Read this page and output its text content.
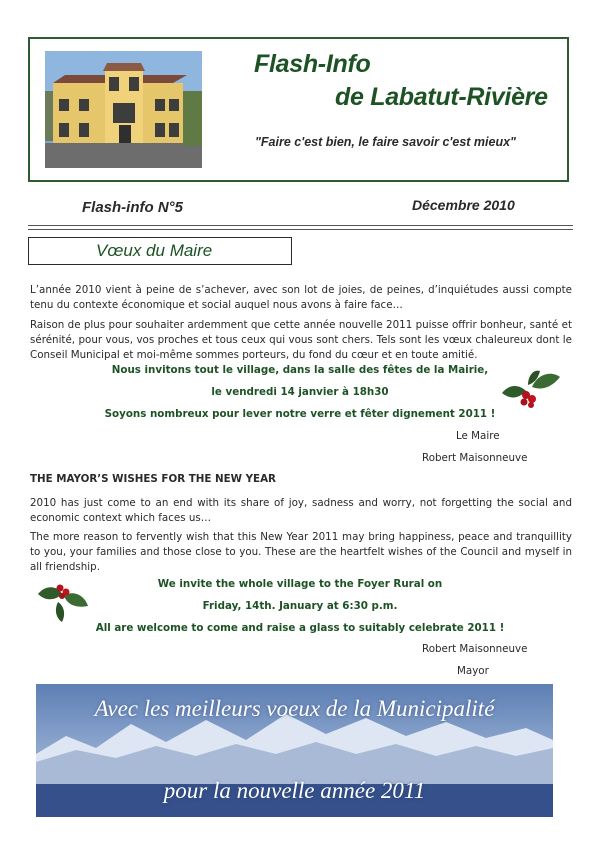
Flash-Info
de Labatut-Rivière
"Faire c'est bien, le faire savoir c'est mieux"
Flash-info N°5	Décembre 2010
Vœux du Maire

L’année 2010 vient à peine de s’achever, avec son lot de joies, de peines, d’inquiétudes aussi compte tenu du contexte économique et social auquel nous avons à faire face…

Raison de plus pour souhaiter ardemment que cette année nouvelle 2011 puisse offrir bonheur, santé et sérénité, pour vous, vos proches et tous ceux qui vous sont chers. Tels sont les vœux chaleureux dont le Conseil Municipal et moi-même sommes porteurs, du fond du cœur et en toute amitié.

Nous invitons tout le village, dans la salle des fêtes de la Mairie,
le vendredi 14 janvier à 18h30
Soyons nombreux pour lever notre verre et fêter dignement 2011 !
Le Maire
Robert Maisonneuve
THE MAYOR’S WISHES FOR THE NEW YEAR

2010 has just come to an end with its share of joy, sadness and worry, not forgetting the social and economic context which faces us…

The more reason to fervently wish that this New Year 2011 may bring happiness, peace and tranquillity to you, your families and those close to you. These are the heartfelt wishes of the Council and myself in all friendship.

We invite the whole village to the Foyer Rural on
Friday, 14th. January at 6:30 p.m.
All are welcome to come and raise a glass to suitably celebrate 2011 !
Robert Maisonneuve
Mayor
Avec les meilleurs voeux de la Municipalité
pour la nouvelle année 2011
